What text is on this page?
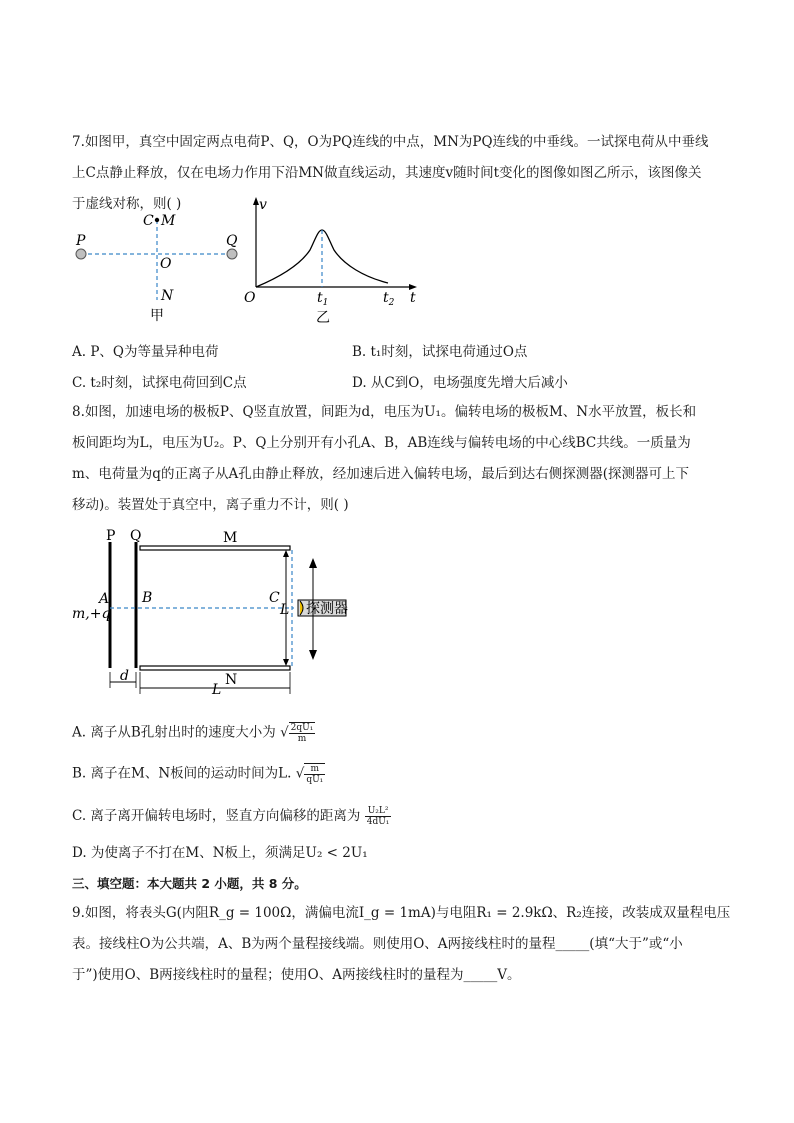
7.如图甲，真空中固定两点电荷P、Q，O为PQ连线的中点，MN为PQ连线的中垂线。一试探电荷从中垂线

上C点静止释放，仅在电场力作用下沿MN做直线运动，其速度v随时间t变化的图像如图乙所示，该图像关

于虚线对称，则( )

P	Q
C M
O
N
甲
v
O	$t_1$	$t_2$ t
乙
A. P、Q为等量异种电荷	B. t₁时刻，试探电荷通过O点
C. t₂时刻，试探电荷回到C点	D. 从C到O，电场强度先增大后减小

8.如图，加速电场的极板P、Q竖直放置，间距为d，电压为U₁。偏转电场的极板M、N水平放置，板长和

板间距均为L，电压为U₂。P、Q上分别开有小孔A、B，AB连线与偏转电场的中心线BC共线。一质量为

m、电荷量为q的正离子从A孔由静止释放，经加速后进入偏转电场，最后到达右侧探测器(探测器可上下

移动)。装置处于真空中，离子重力不计，则( )

探测器
P Q	M
N
A B	C
L
m,+q
d
L
A. 离子从B孔射出时的速度大小为 √ $\frac{\text{2qU₁}}{m}$
B. 离子在M、N板间的运动时间为L. √ $\frac{m}{\text{qU₁}}$
C. 离子离开偏转电场时，竖直方向偏移的距离为 $\frac{\text{U₂L²}}{\text{4dU₁}}$
D. 为使离子不打在M、N板上，须满足U₂ < 2U₁
三、填空题：本大题共 2 小题，共 8 分。

9.如图，将表头G(内阻R_g = 100Ω，满偏电流I_g = 1mA)与电阻R₁ = 2.9kΩ、R₂连接，改装成双量程电压

表。接线柱O为公共端，A、B为两个量程接线端。则使用O、A两接线柱时的量程_____(填“大于”或“小

于”)使用O、B两接线柱时的量程；使用O、A两接线柱时的量程为_____V。
